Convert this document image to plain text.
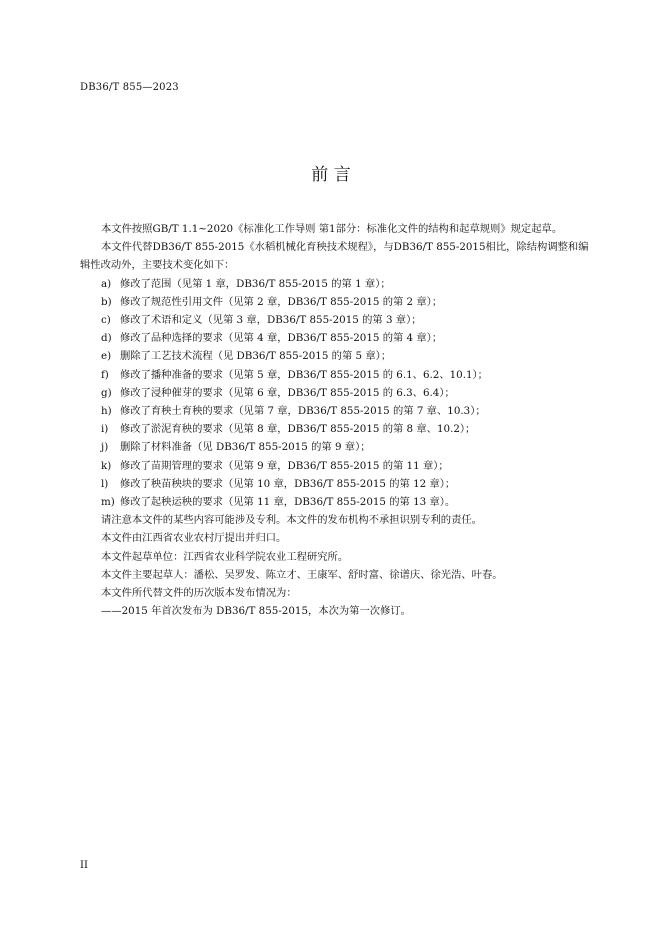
DB36/T 855—2023
前 言

本文件按照GB/T 1.1~2020《标准化工作导则 第1部分：标准化文件的结构和起草规则》规定起草。

本文件代替DB36/T 855-2015《水稻机械化育秧技术规程》，与DB36/T 855-2015相比，除结构调整和编辑性改动外，主要技术变化如下：

a) 修改了范围（见第 1 章，DB36/T 855-2015 的第 1 章）；
b) 修改了规范性引用文件（见第 2 章，DB36/T 855-2015 的第 2 章）；
c) 修改了术语和定义（见第 3 章，DB36/T 855-2015 的第 3 章）；
d) 修改了品种选择的要求（见第 4 章，DB36/T 855-2015 的第 4 章）；
e) 删除了工艺技术流程（见 DB36/T 855-2015 的第 5 章）；
f)	修改了播种准备的要求（见第 5 章，DB36/T 855-2015 的 6.1、6.2、10.1）；
g) 修改了浸种催芽的要求（见第 6 章，DB36/T 855-2015 的 6.3、6.4）；
h) 修改了育秧土育秧的要求（见第 7 章，DB36/T 855-2015 的第 7 章、10.3）；
i)	修改了淤泥育秧的要求（见第 8 章，DB36/T 855-2015 的第 8 章、10.2）；
j)	删除了材料准备（见 DB36/T 855-2015 的第 9 章）；
k) 修改了苗期管理的要求（见第 9 章，DB36/T 855-2015 的第 11 章）；
l)	修改了秧苗秧块的要求（见第 10 章，DB36/T 855-2015 的第 12 章）；
m) 修改了起秧运秧的要求（见第 11 章，DB36/T 855-2015 的第 13 章）。

请注意本文件的某些内容可能涉及专利。本文件的发布机构不承担识别专利的责任。

本文件由江西省农业农村厅提出并归口。

本文件起草单位：江西省农业科学院农业工程研究所。

本文件主要起草人：潘松、吴罗发、陈立才、王康军、舒时富、徐谱庆、徐光浩、叶春。

本文件所代替文件的历次版本发布情况为：

——2015 年首次发布为 DB36/T 855-2015，本次为第一次修订。

II
